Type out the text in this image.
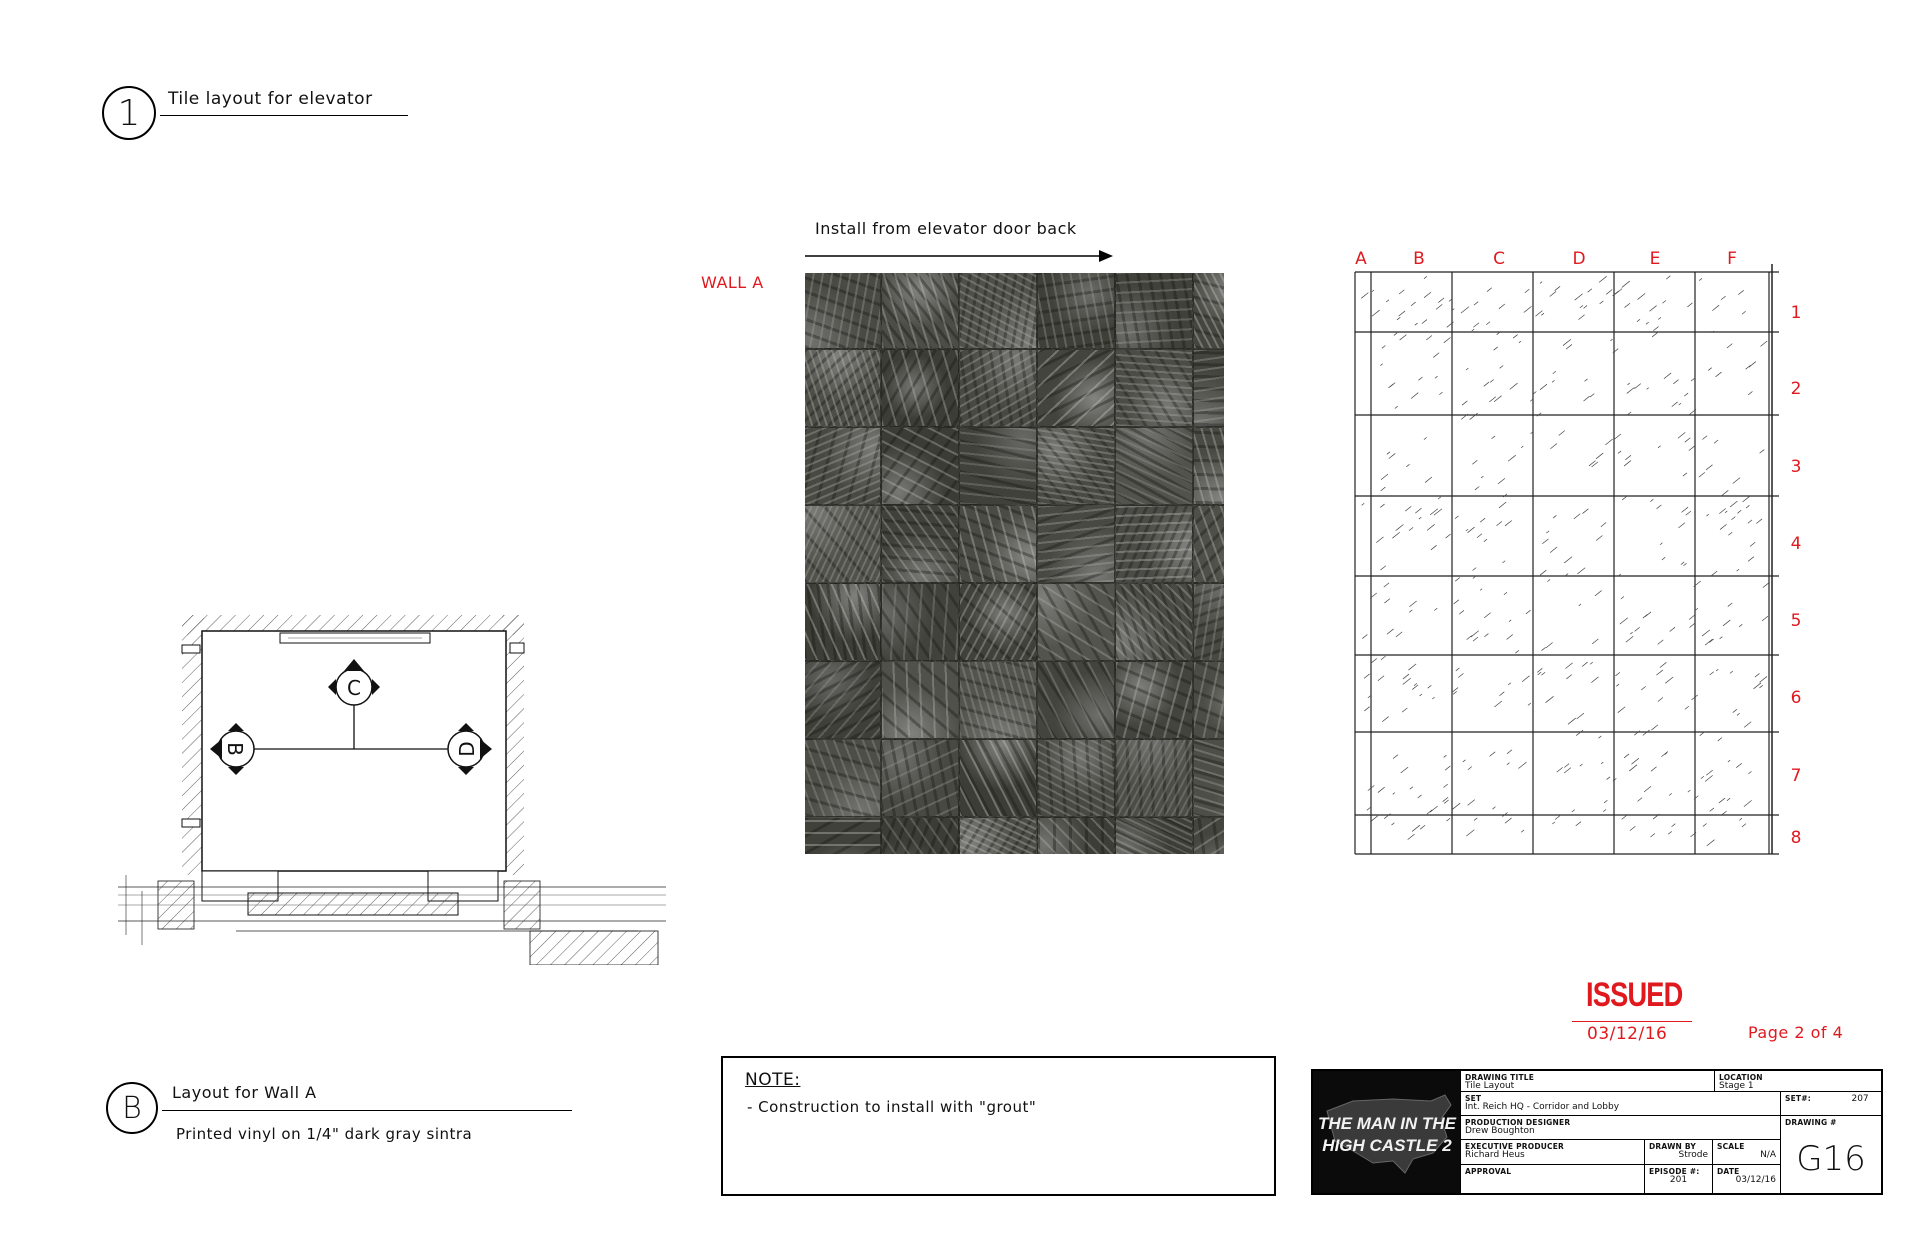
1 Tile layout for elevator
C
B	D
Install from elevator door back
WALL A
A	B	C	D	E	F
1
2
3
4
5
6
7
8
B Layout for Wall A
Printed vinyl on 1/4" dark gray sintra
NOTE:
- Construction to install with "grout"
ISSUED
03/12/16	Page 2 of 4
THE MAN IN THE
HIGH CASTLE 2
DRAWING TITLE
Tile Layout
LOCATION
Stage 1
SET
Int. Reich HQ - Corridor and Lobby
SET#:	207
PRODUCTION DESIGNER
Drew Boughton
DRAWING #
G16
EXECUTIVE PRODUCER
Richard Heus
DRAWN BY
Strode
SCALE
N/A
APPROVAL	EPISODE #:
201
DATE
03/12/16
